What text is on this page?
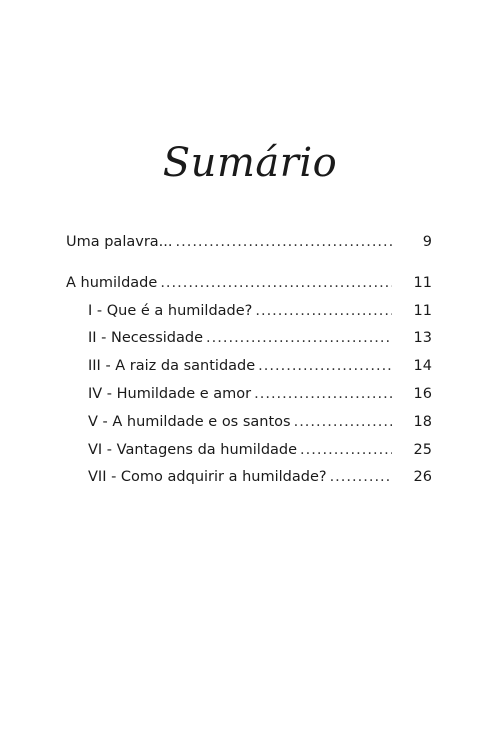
Sumário
Uma palavra... .....	9
A humildade .....	11
I - Que é a humildade? .....	11
II - Necessidade .....	13
III - A raiz da santidade .....	14
IV - Humildade e amor .....	16
V - A humildade e os santos .....	18
VI - Vantagens da humildade .....	25
VII - Como adquirir a humildade? .....	26
